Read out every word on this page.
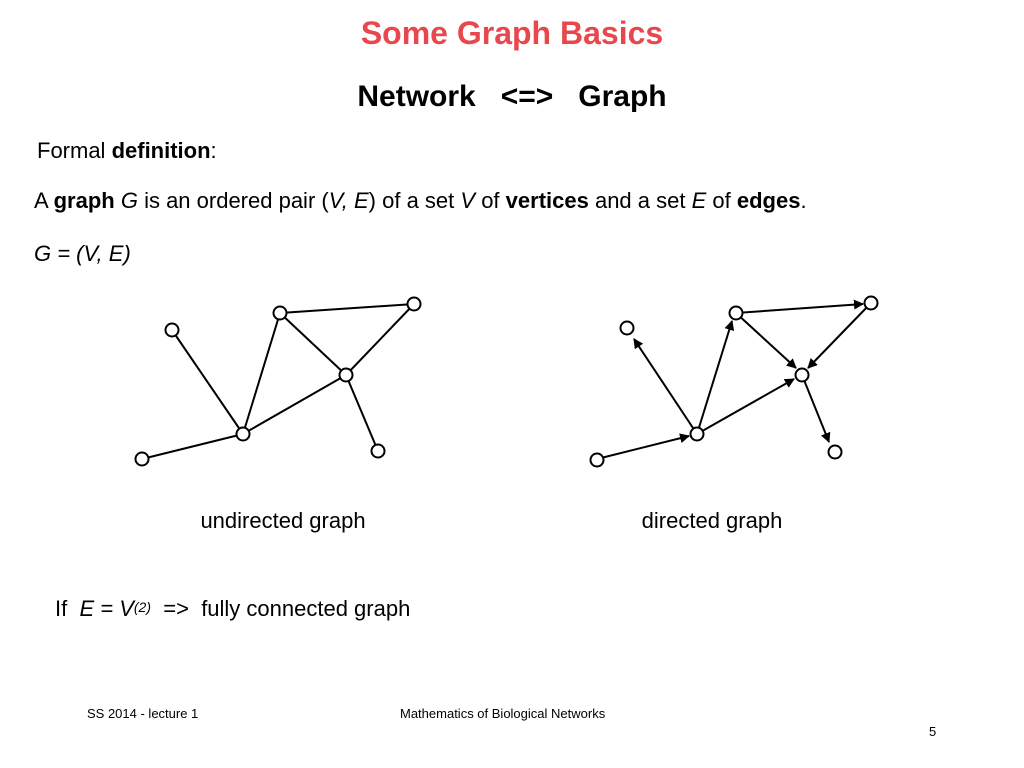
Some Graph Basics
Network   <=>   Graph
Formal definition:
A graph G is an ordered pair (V, E) of a set V of vertices and a set E of edges.
G = (V, E)
undirected graph	directed graph
If $E = V^{(2)}$ => fully connected graph
SS 2014 - lecture 1	Mathematics of Biological Networks
5
